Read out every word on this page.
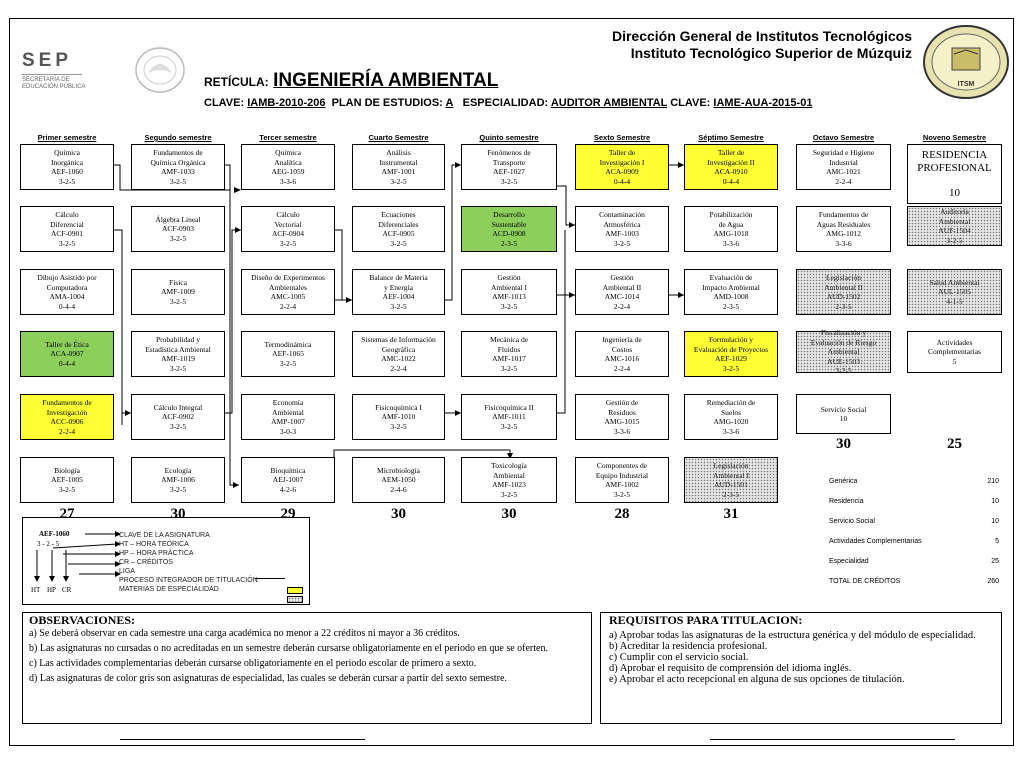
SEP
SECRETARÍA DE
EDUCACIÓN PÚBLICA	ITSM
Dirección General de Institutos Tecnológicos
Instituto Tecnológico Superior de Múzquiz
RETÍCULA: INGENIERÍA AMBIENTAL
CLAVE: IAMB-2010-206 PLAN DE ESTUDIOS: A ESPECIALIDAD: AUDITOR AMBIENTAL CLAVE: IAME-AUA-2015-01
Primer semestre
Química
Inorgánica
AEF-1060
3-2-5
Cálculo
Diferencial
ACF-0901
3-2-5
Dibujo Asistido por
Computadora
AMA-1004
0-4-4
Taller de Ética
ACA-0907
0-4-4
Fundamentos de
Investigación
ACC-0906
2-2-4
Biología
AEF-1005
3-2-5
27
Segundo semestre
Fundamentos de
Química Orgánica
AMF-1033
3-2-5
Álgebra Lineal
ACF-0903
3-2-5
Física
AMF-1009
3-2-5
Probabilidad y
Estadística Ambiental
AMF-1019
3-2-5
Cálculo Integral
ACF-0902
3-2-5
Ecología
AMF-1006
3-2-5
30
Tercer semestre
Química
Analítica
AEG-1059
3-3-6
Cálculo
Vectorial
ACF-0904
3-2-5
Diseño de Experimentos
Ambientales
AMC-1005
2-2-4
Termodinámica
AEF-1065
3-2-5
Economía
Ambiental
AMP-1007
3-0-3
Bioquímica
AEJ-1007
4-2-6
29
Cuarto Semestre
Análisis
Instrumental
AMF-1001
3-2-5
Ecuaciones
Diferenciales
ACF-0905
3-2-5
Balance de Materia
y Energía
AEF-1004
3-2-5
Sistemas de Información
Geográfica
AMC-1022
2-2-4
Fisicoquímica I
AMF-1010
3-2-5
Microbiología
AEM-1050
2-4-6
30
Quinto semestre
Fenómenos de
Transporte
AEF-1027
3-2-5
Desarrollo
Sustentable
ACD-0908
2-3-5
Gestión
Ambiental I
AMF-1013
3-2-5
Mecánica de
Fluidos
AMF-1017
3-2-5
Fisicoquímica II
AMF-1011
3-2-5
Toxicología
Ambiental
AMF-1023
3-2-5
30
Sexto Semestre
Taller de
Investigación I
ACA-0909
0-4-4
Contaminación
Atmosférica
AMF-1003
3-2-5
Gestión
Ambiental II
AMC-1014
2-2-4
Ingeniería de
Costos
AMC-1016
2-2-4
Gestión de
Residuos
AMG-1015
3-3-6
Componentes de
Equipo Industrial
AMF-1002
3-2-5
28
Séptimo Semestre
Taller de
Investigación II
ACA-0910
0-4-4
Potabilización
de Agua
AMG-1018
3-3-6
Evaluación de
Impacto Ambiental
AMD-1008
2-3-5
Formulación y
Evaluación de Proyectos
AEF-1029
3-2-5
Remediación de
Suelos
AMG-1020
3-3-6
Legislación
Ambiental I
AUD-1501
2-3-5
31
Octavo Semestre
Seguridad e Higiene
Industrial
AMC-1021
2-2-4
Fundamentos de
Aguas Residuales
AMG-1012
3-3-6
Legislación
Ambiental II
AUD-1502
2-3-5
Fiscalización y
Evaluación de Riesgo
Ambiental
AUE-1503
3-2-5
Servicio Social
10
30
Noveno Semestre
RESIDENCIA
PROFESIONAL
10
Auditoría
Ambiental
AUF-1504
3-2-5
Salud Ambiental
AUL-1505
4-1-5
Actividades
Complementarias
5
25
AEF-1060
3 - 2 - 5
HT HP CR
CLAVE DE LA ASIGNATURA
HT – HORA TEÓRICA
HP – HORA PRÁCTICA
CR – CRÉDITOS
LIGA
PROCESO INTEGRADOR DE TITULACIÓN
MATERIAS DE ESPECIALIDAD
Genérica	210
Residencia	10
Servicio Social	10
Actividades Complementarias	5
Especialidad	25
TOTAL DE CRÉDITOS	260
OBSERVACIONES:

a) Se deberá observar en cada semestre una carga académica no menor a 22 créditos ni mayor a 36 créditos.

b) Las asignaturas no cursadas o no acreditadas en un semestre deberán cursarse obligatoriamente en el periodo en que se oferten.

c) Las actividades complementarias deberán cursarse obligatoriamente en el periodo escolar de primero a sexto.

d) Las asignaturas de color gris son asignaturas de especialidad, las cuales se deberán cursar a partir del sexto semestre.

REQUISITOS PARA TITULACION:

a) Aprobar todas las asignaturas de la estructura genérica y del módulo de especialidad.

b) Acreditar la residencia profesional.

c) Cumplir con el servicio social.

d) Aprobar el requisito de comprensión del idioma inglés.

e) Aprobar el acto recepcional en alguna de sus opciones de titulación.
